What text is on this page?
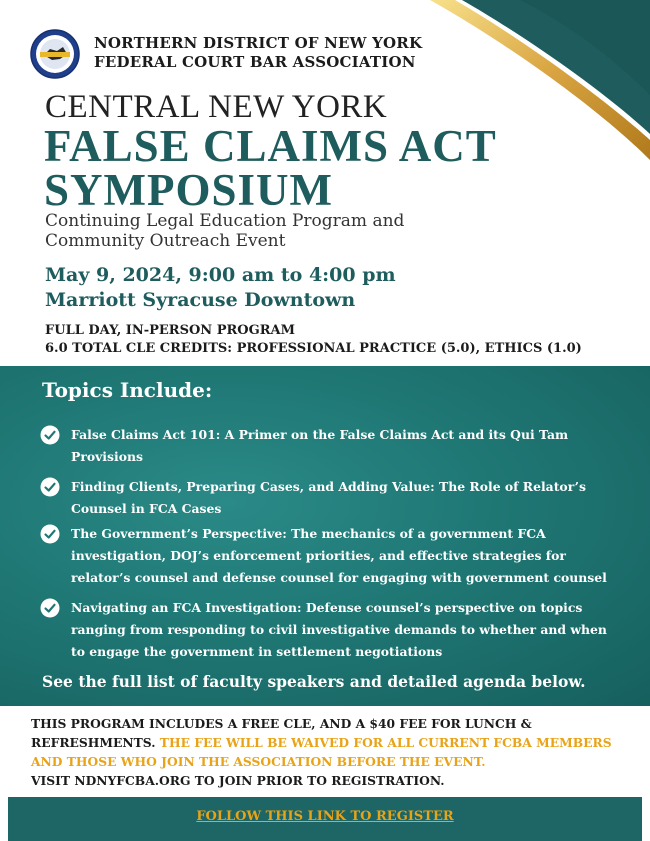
NORTHERN DISTRICT OF NEW YORK
FEDERAL COURT BAR ASSOCIATION
CENTRAL NEW YORK
FALSE CLAIMS ACT
SYMPOSIUM
Continuing Legal Education Program and
Community Outreach Event
May 9, 2024, 9:00 am to 4:00 pm
Marriott Syracuse Downtown
FULL DAY, IN-PERSON PROGRAM
6.0 TOTAL CLE CREDITS: PROFESSIONAL PRACTICE (5.0), ETHICS (1.0)
Topics Include:
False Claims Act 101: A Primer on the False Claims Act and its Qui Tam
Provisions
Finding Clients, Preparing Cases, and Adding Value: The Role of Relator’s
Counsel in FCA Cases
The Government’s Perspective: The mechanics of a government FCA
investigation, DOJ’s enforcement priorities, and effective strategies for
relator’s counsel and defense counsel for engaging with government counsel
Navigating an FCA Investigation: Defense counsel’s perspective on topics
ranging from responding to civil investigative demands to whether and when
to engage the government in settlement negotiations
See the full list of faculty speakers and detailed agenda below.
THIS PROGRAM INCLUDES A FREE CLE, AND A $40 FEE FOR LUNCH &
REFRESHMENTS. THE FEE WILL BE WAIVED FOR ALL CURRENT FCBA MEMBERS
AND THOSE WHO JOIN THE ASSOCIATION BEFORE THE EVENT.
VISIT NDNYFCBA.ORG TO JOIN PRIOR TO REGISTRATION.
FOLLOW THIS LINK TO REGISTER
